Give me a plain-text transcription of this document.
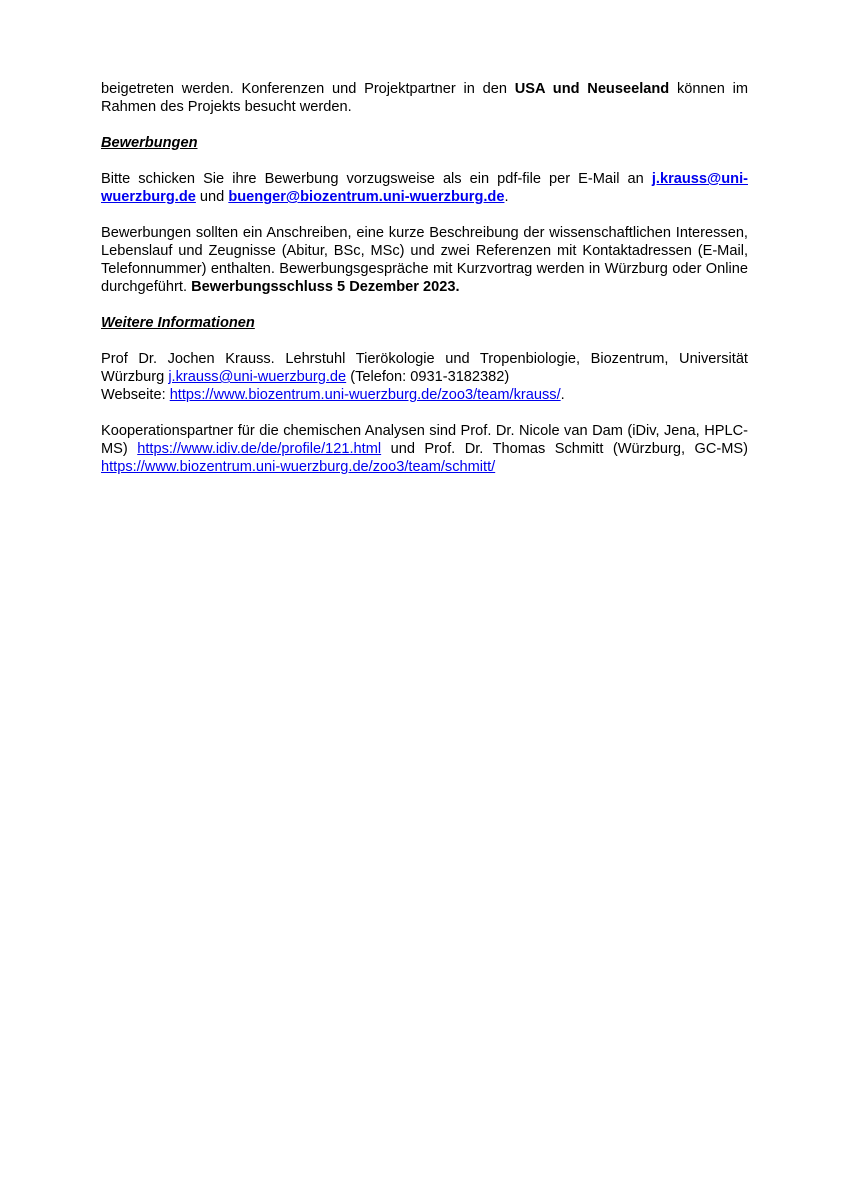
beigetreten werden. Konferenzen und Projektpartner in den USA und Neuseeland können im Rahmen des Projekts besucht werden.

Bewerbungen

Bitte schicken Sie ihre Bewerbung vorzugsweise als ein pdf-file per E-Mail an j.krauss@uni-wuerzburg.de und buenger@biozentrum.uni-wuerzburg.de.

Bewerbungen sollten ein Anschreiben, eine kurze Beschreibung der wissenschaftlichen Interessen, Lebenslauf und Zeugnisse (Abitur, BSc, MSc) und zwei Referenzen mit Kontaktadressen (E-Mail, Telefonnummer) enthalten. Bewerbungsgespräche mit Kurzvortrag werden in Würzburg oder Online durchgeführt. Bewerbungsschluss 5 Dezember 2023.

Weitere Informationen

Prof Dr. Jochen Krauss. Lehrstuhl Tierökologie und Tropenbiologie, Biozentrum, Universität Würzburg j.krauss@uni-wuerzburg.de (Telefon: 0931-3182382)
Webseite: https://www.biozentrum.uni-wuerzburg.de/zoo3/team/krauss/.

Kooperationspartner für die chemischen Analysen sind Prof. Dr. Nicole van Dam (iDiv, Jena, HPLC-MS) https://www.idiv.de/de/profile/121.html und Prof. Dr. Thomas Schmitt (Würzburg, GC-MS) https://www.biozentrum.uni-wuerzburg.de/zoo3/team/schmitt/
